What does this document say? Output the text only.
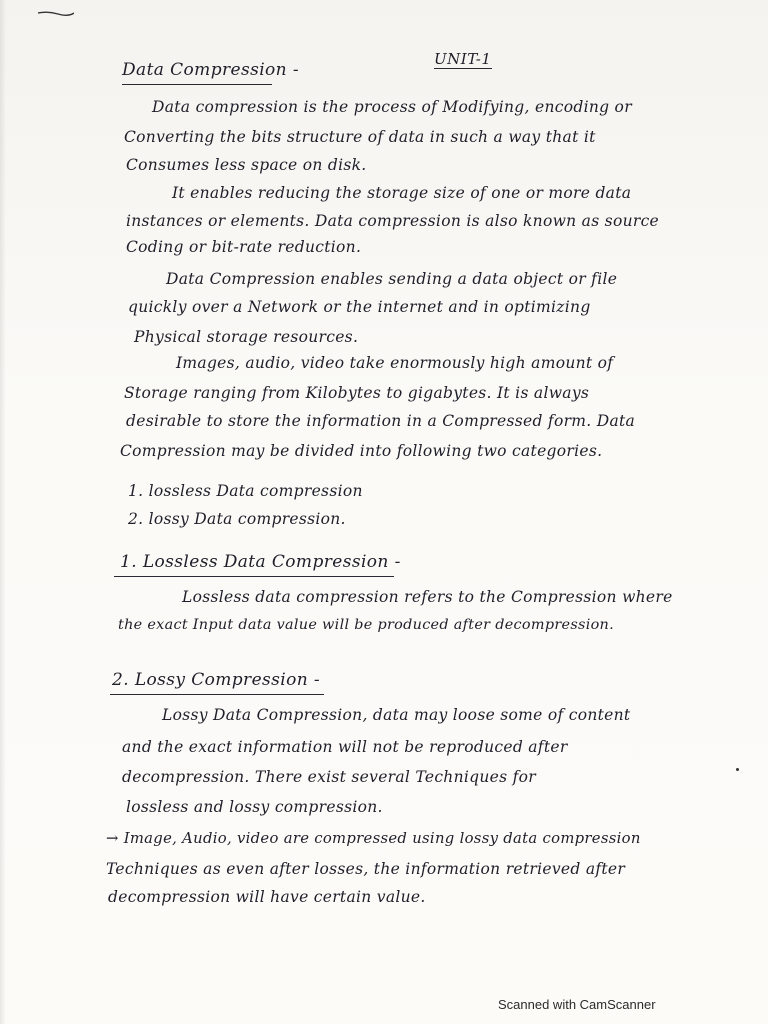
UNIT-1
Data Compression -
Data compression is the process of Modifying, encoding or
Converting the bits structure of data in such a way that it
Consumes less space on disk.
It enables reducing the storage size of one or more data
instances or elements. Data compression is also known as source
Coding or bit-rate reduction.
Data Compression enables sending a data object or file
quickly over a Network or the internet and in optimizing
Physical storage resources.
Images, audio, video take enormously high amount of
Storage ranging from Kilobytes to gigabytes. It is always
desirable to store the information in a Compressed form. Data
Compression may be divided into following two categories.
1. lossless Data compression
2. lossy Data compression.
1. Lossless Data Compression -
Lossless data compression refers to the Compression where
the exact Input data value will be produced after decompression.
2. Lossy Compression -
Lossy Data Compression, data may loose some of content
and the exact information will not be reproduced after
decompression. There exist several Techniques for
lossless and lossy compression.
→ Image, Audio, video are compressed using lossy data compression
Techniques as even after losses, the information retrieved after
decompression will have certain value.
Scanned with CamScanner
